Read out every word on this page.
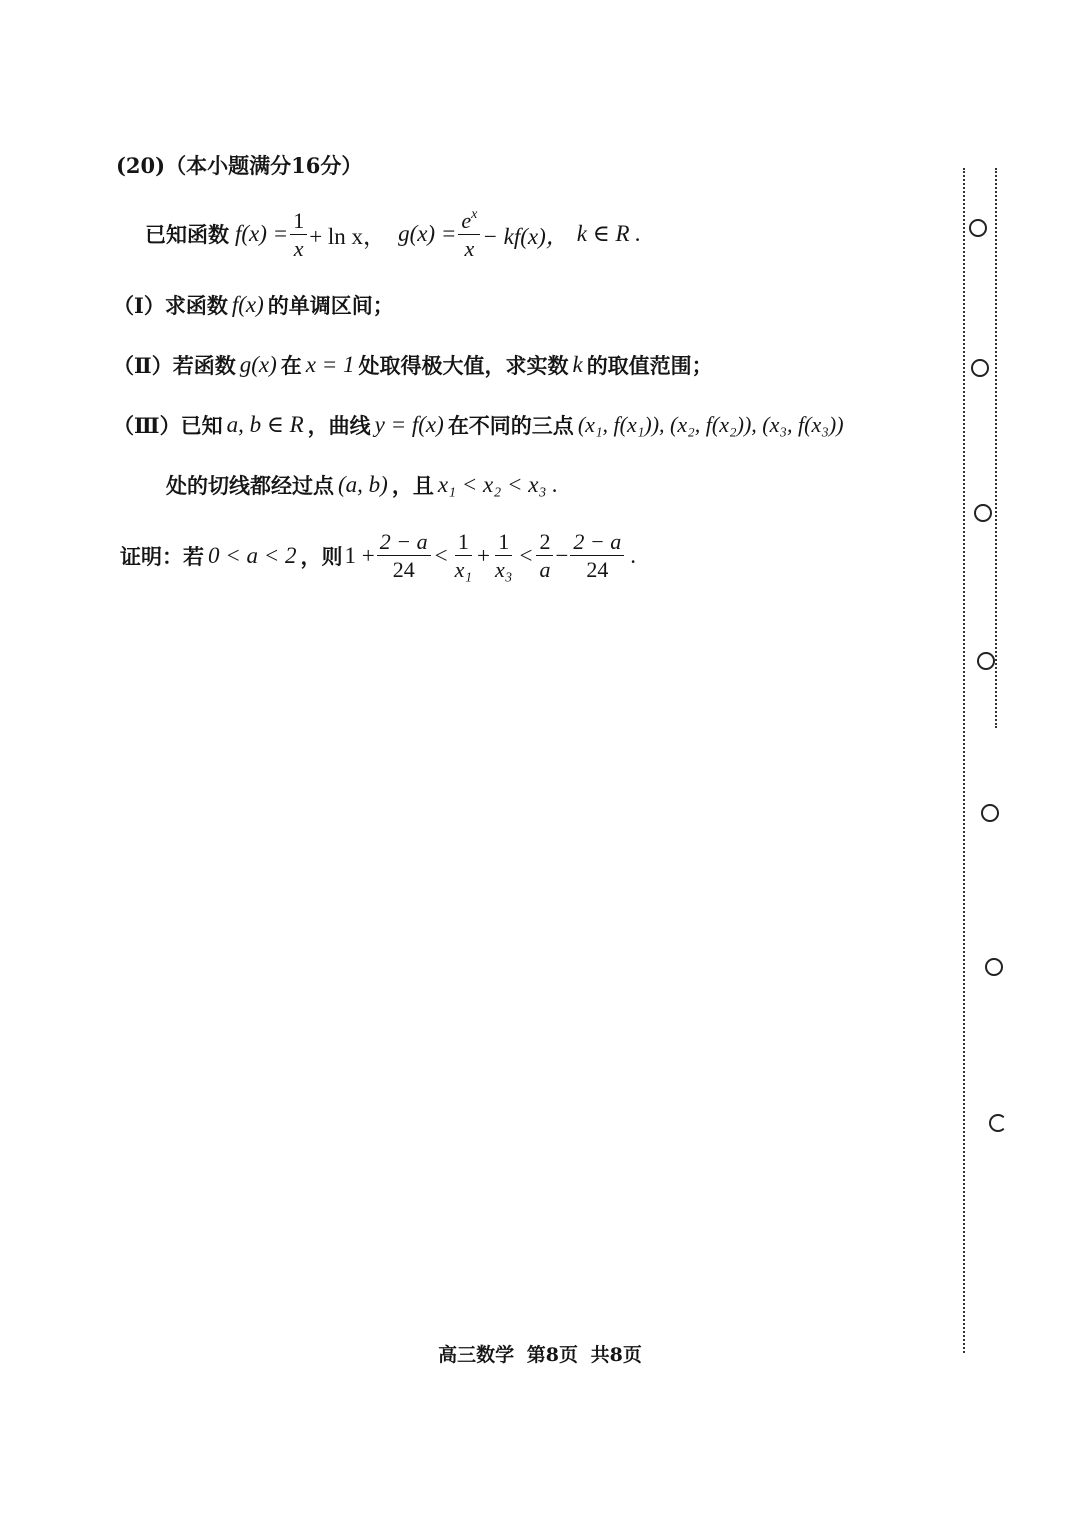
(20)（本小题满分16分）
已知函数 $f(x) = \frac{1}{x} + \ln x$， $g(x) = \frac{e^x}{x} - kf(x)$， k ∈ R .
（Ⅰ） 求函数 f(x) 的单调区间；
（Ⅱ） 若函数 g(x) 在 x = 1 处取得极大值，求实数 k 的取值范围；
（Ⅲ） 已知 a, b ∈ R ，曲线 y = f(x) 在不同的三点 (x₁, f(x₁)), (x₂, f(x₂)), (x₃, f(x₃))
处的切线都经过点 (a, b) ，且 x₁ < x₂ < x₃ .
证明：若 0 < a < 2 ，则 $1 + \frac{2 - a}{24} < \frac{1}{\text{x₁}} + \frac{1}{\text{x₃}} < \frac{2}{a} - \frac{2 - a}{24}$ .
高三数学 第8页 共8页
